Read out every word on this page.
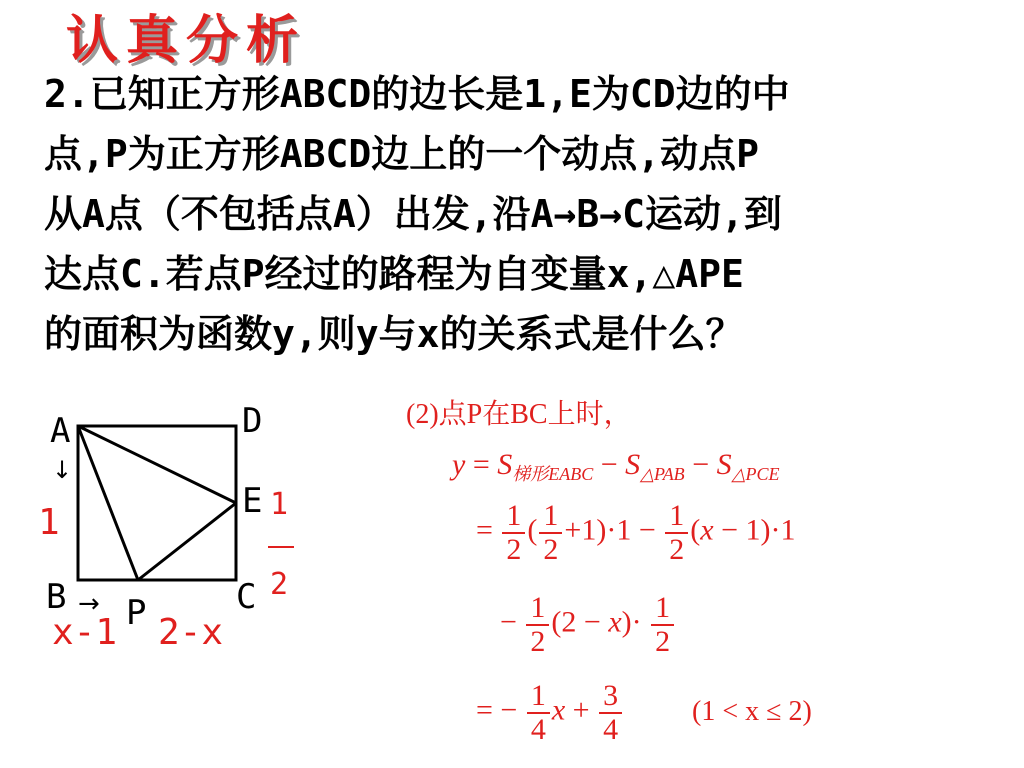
认真分析
2.已知正方形ABCD的边长是1,E为CD边的中
点,P为正方形ABCD边上的一个动点,动点P
从A点（不包括点A）出发,沿A→B→C运动,到
达点C.若点P经过的路程为自变量x,△APE
的面积为函数y,则y与x的关系式是什么？
A	D
E
B	C
P
↓
→
1	1
2
x-1 2-x
(2)点P在BC上时，
$y = S_{梯形EABC} - S_{\triangle PAB} - S_{\triangle PCE}$
= $\frac{1}{2}$ ( $\frac{1}{2} +1)\cdot 1 - \frac{1}{2} (x - 1)\cdot 1$
− $\frac{1}{2} (2 - x)\cdot \frac{1}{2}$
= − $\frac{1}{4}$ $x + \frac{3}{4} (1 < x \le 2)$
